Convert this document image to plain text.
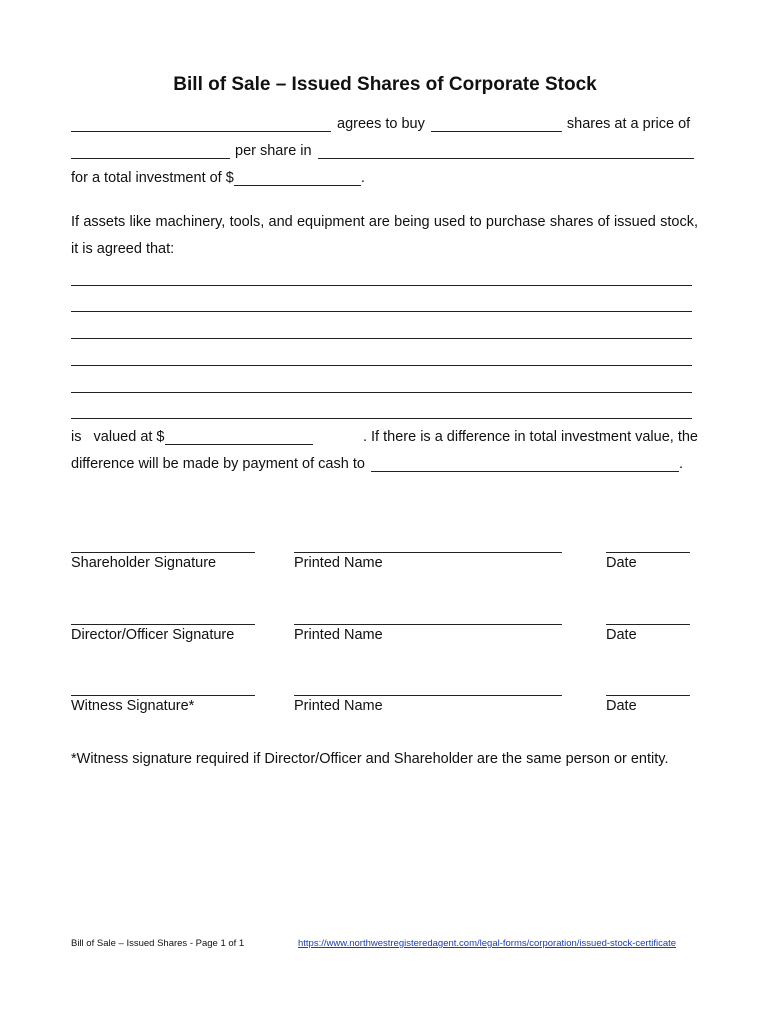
Bill of Sale – Issued Shares of Corporate Stock
agrees to buy	shares at a price of
per share in
for a total investment of $	.
If assets like machinery, tools, and equipment are being used to purchase shares of issued stock, it is agreed that:
is   valued at $	. If there is a difference in total investment value, the
difference will be made by payment of cash to	.
Shareholder Signature	Printed Name	Date
Director/Officer Signature	Printed Name	Date
Witness Signature*	Printed Name	Date
*Witness signature required if Director/Officer and Shareholder are the same person or entity.
Bill of Sale – Issued Shares - Page 1 of 1	https://www.northwestregisteredagent.com/legal-forms/corporation/issued-stock-certificate
